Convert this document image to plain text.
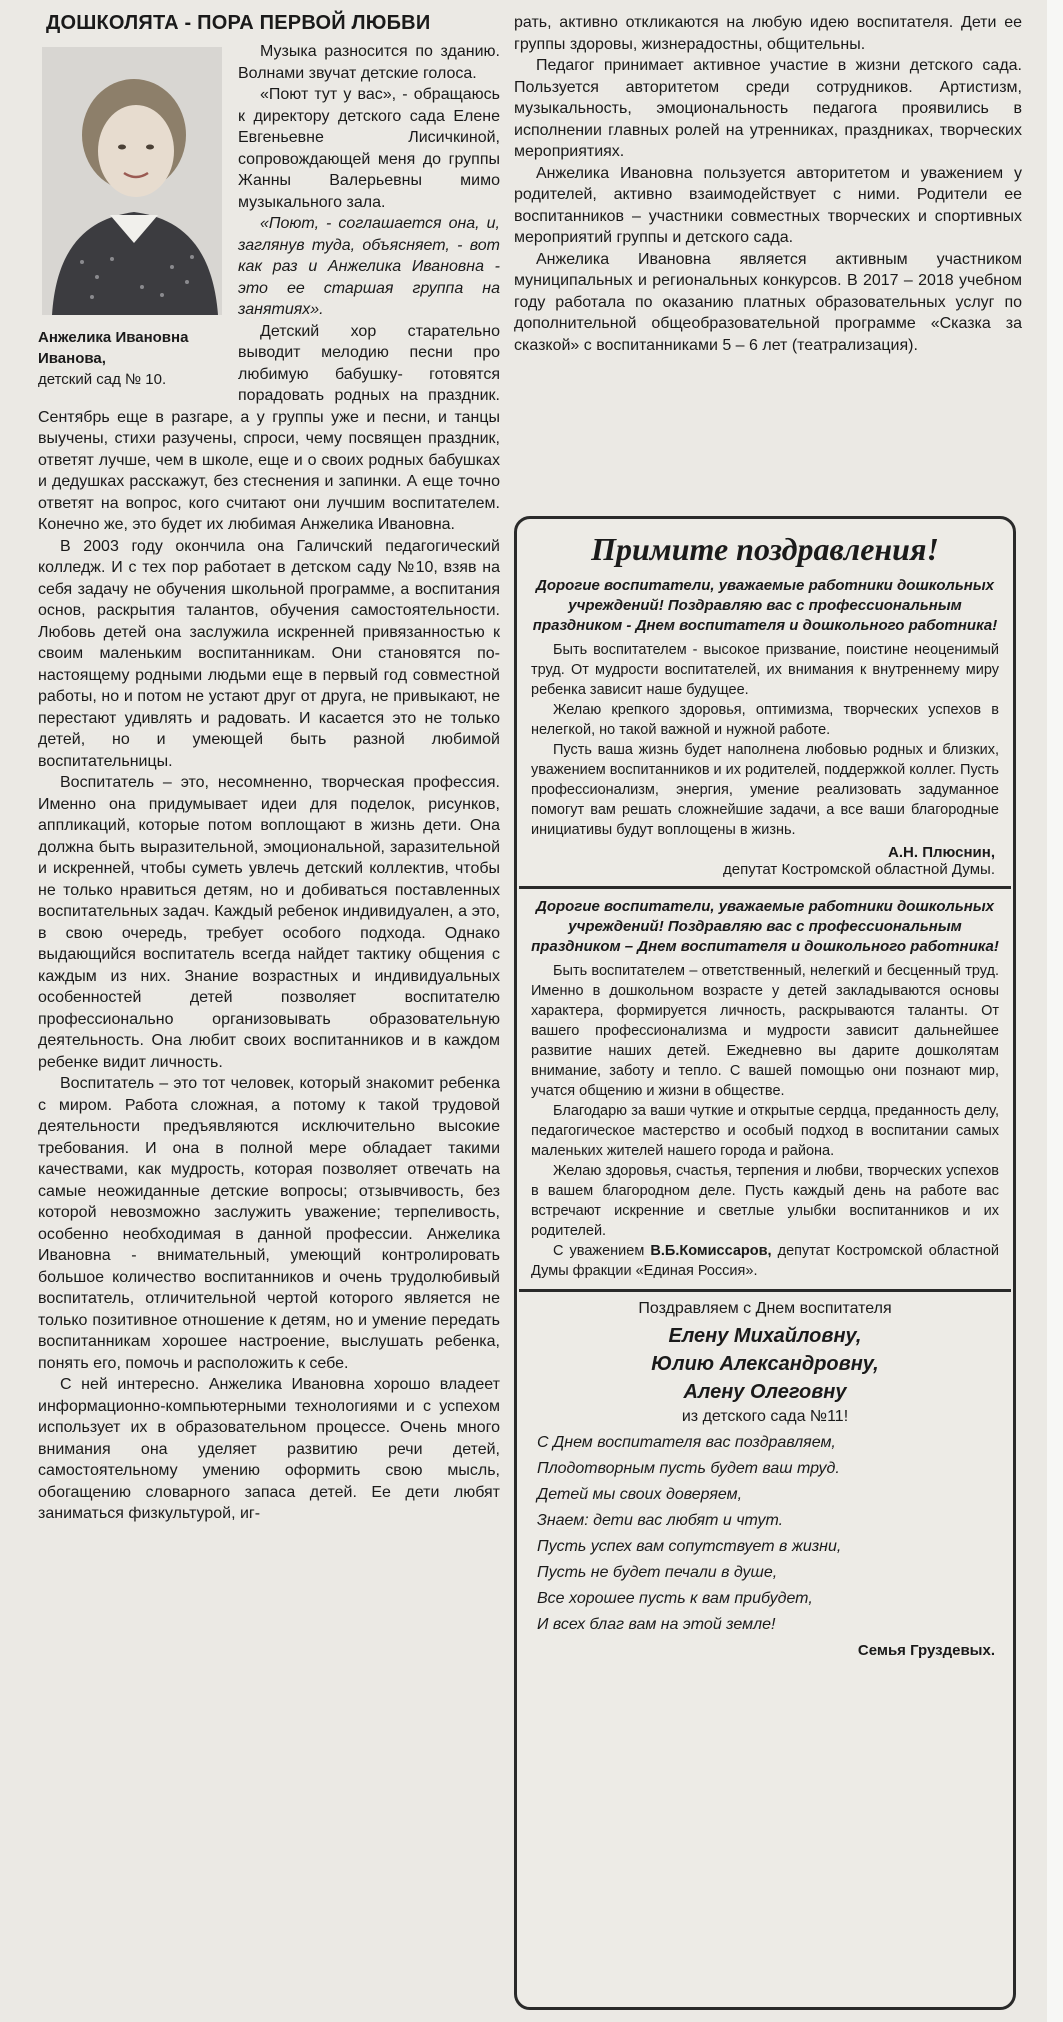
ДОШКОЛЯТА - ПОРА ПЕРВОЙ ЛЮБВИ
Анжелика Ивановна Иванова,
детский сад № 10.

Музыка разносится по зданию. Волнами звучат детские голоса.

«Поют тут у вас», - обращаюсь к директору детского сада Елене Евгеньевне Лисичкиной, сопровождающей меня до группы Жанны Валерьевны мимо музыкального зала.

«Поют, - соглашается она, и, заглянув туда, объясняет, - вот как раз и Анжелика Ивановна - это ее старшая группа на занятиях».

Детский хор старательно выводит мелодию песни про любимую бабушку- готовятся порадовать родных на праздник. Сентябрь еще в разгаре, а у группы уже и песни, и танцы выучены, стихи разучены, спроси, чему посвящен праздник, ответят лучше, чем в школе, еще и о своих родных бабушках и дедушках расскажут, без стеснения и запинки. А еще точно ответят на вопрос, кого считают они лучшим воспитателем. Конечно же, это будет их любимая Анжелика Ивановна.

В 2003 году окончила она Галичский педагогический колледж. И с тех пор работает в детском саду №10, взяв на себя задачу не обучения школьной программе, а воспитания основ, раскрытия талантов, обучения самостоятельности. Любовь детей она заслужила искренней привязанностью к своим маленьким воспитанникам. Они становятся по-настоящему родными людьми еще в первый год совместной работы, но и потом не устают друг от друга, не привыкают, не перестают удивлять и радовать. И касается это не только детей, но и умеющей быть разной любимой воспитательницы.

Воспитатель – это, несомненно, творческая профессия. Именно она придумывает идеи для поделок, рисунков, аппликаций, которые потом воплощают в жизнь дети. Она должна быть выразительной, эмоциональной, заразительной и искренней, чтобы суметь увлечь детский коллектив, чтобы не только нравиться детям, но и добиваться поставленных воспитательных задач. Каждый ребенок индивидуален, а это, в свою очередь, требует особого подхода. Однако выдающийся воспитатель всегда найдет тактику общения с каждым из них. Знание возрастных и индивидуальных особенностей детей позволяет воспитателю профессионально организовывать образовательную деятельность. Она любит своих воспитанников и в каждом ребенке видит личность.

Воспитатель – это тот человек, который знакомит ребенка с миром. Работа сложная, а потому к такой трудовой деятельности предъявляются исключительно высокие требования. И она в полной мере обладает такими качествами, как мудрость, которая позволяет отвечать на самые неожиданные детские вопросы; отзывчивость, без которой невозможно заслужить уважение; терпеливость, особенно необходимая в данной профессии. Анжелика Ивановна - внимательный, умеющий контролировать большое количество воспитанников и очень трудолюбивый воспитатель, отличительной чертой которого является не только позитивное отношение к детям, но и умение передать воспитанникам хорошее настроение, выслушать ребенка, понять его, помочь и расположить к себе.

С ней интересно. Анжелика Ивановна хорошо владеет информационно-компьютерными технологиями и с успехом использует их в образовательном процессе. Очень много внимания она уделяет развитию речи детей, самостоятельному умению оформить свою мысль, обогащению словарного запаса детей. Ее дети любят заниматься физкультурой, иг-

рать, активно откликаются на любую идею воспитателя. Дети ее группы здоровы, жизнерадостны, общительны.

Педагог принимает активное участие в жизни детского сада. Пользуется авторитетом среди сотрудников. Артистизм, музыкальность, эмоциональность педагога проявились в исполнении главных ролей на утренниках, праздниках, творческих мероприятиях.

Анжелика Ивановна пользуется авторитетом и уважением у родителей, активно взаимодействует с ними. Родители ее воспитанников – участники совместных творческих и спортивных мероприятий группы и детского сада.

Анжелика Ивановна является активным участником муниципальных и региональных конкурсов. В 2017 – 2018 учебном году работала по оказанию платных образовательных услуг по дополнительной общеобразовательной программе «Сказка за сказкой» с воспитанниками 5 – 6 лет (театрализация).

Примите поздравления!
Дорогие воспитатели, уважаемые работники дошкольных учреждений! Поздравляю вас с профессиональным праздником - Днем воспитателя и дошкольного работника!

Быть воспитателем - высокое призвание, поистине неоценимый труд. От мудрости воспитателей, их внимания к внутреннему миру ребенка зависит наше будущее.

Желаю крепкого здоровья, оптимизма, творческих успехов в нелегкой, но такой важной и нужной работе.

Пусть ваша жизнь будет наполнена любовью родных и близких, уважением воспитанников и их родителей, поддержкой коллег. Пусть профессионализм, энергия, умение реализовать задуманное помогут вам решать сложнейшие задачи, а все ваши благородные инициативы будут воплощены в жизнь.

А.Н. Плюснин,
депутат Костромской областной Думы.
Дорогие воспитатели, уважаемые работники дошкольных учреждений! Поздравляю вас с профессиональным праздником – Днем воспитателя и дошкольного работника!

Быть воспитателем – ответственный, нелегкий и бесценный труд. Именно в дошкольном возрасте у детей закладываются основы характера, формируется личность, раскрываются таланты. От вашего профессионализма и мудрости зависит дальнейшее развитие наших детей. Ежедневно вы дарите дошколятам внимание, заботу и тепло. С вашей помощью они познают мир, учатся общению и жизни в обществе.

Благодарю за ваши чуткие и открытые сердца, преданность делу, педагогическое мастерство и особый подход в воспитании самых маленьких жителей нашего города и района.

Желаю здоровья, счастья, терпения и любви, творческих успехов в вашем благородном деле. Пусть каждый день на работе вас встречают искренние и светлые улыбки воспитанников и их родителей.

С уважением В.Б.Комиссаров, депутат Костромской областной Думы фракции «Единая Россия».

Поздравляем с Днем воспитателя
Елену Михайловну,
Юлию Александровну,
Алену Олеговну
из детского сада №11!
С Днем воспитателя вас поздравляем,
Плодотворным пусть будет ваш труд.
Детей мы своих доверяем,
Знаем: дети вас любят и чтут.
Пусть успех вам сопутствует в жизни,
Пусть не будет печали в душе,
Все хорошее пусть к вам прибудет,
И всех благ вам на этой земле!
Семья Груздевых.
